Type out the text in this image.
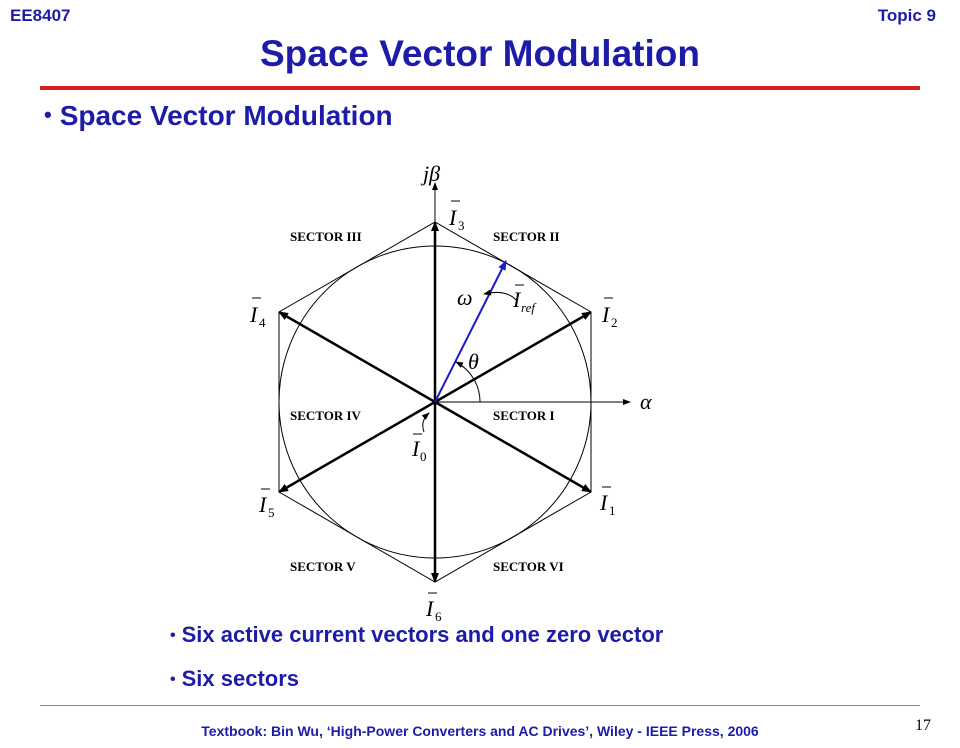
EE8407	Topic 9
Space Vector Modulation
• Space Vector Modulation
jβ
α
SECTOR I
SECTOR II
SECTOR III
SECTOR IV
SECTOR V	SECTOR VI
I 0
I 1
I 2
I 3
I 4
I 5
I 6
I ref
θ
ω
• Six active current vectors and one zero vector
• Six sectors
Textbook: Bin Wu, ‘High-Power Converters and AC Drives’, Wiley - IEEE Press, 2006	17
